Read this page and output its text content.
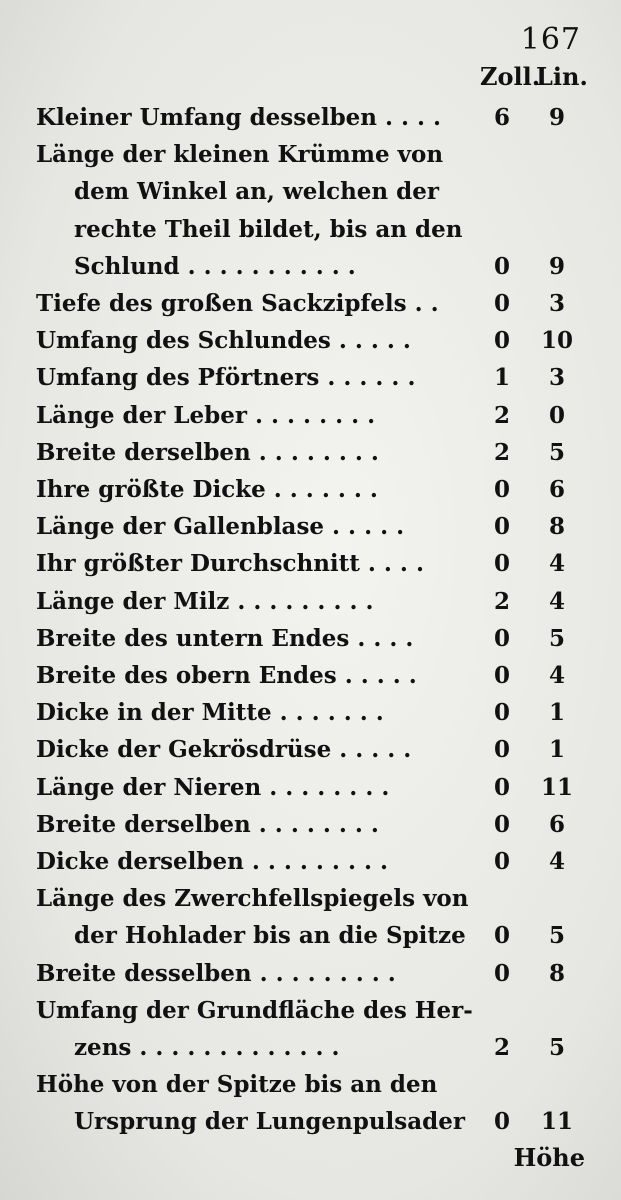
167
Zoll.
Lin.
Kleiner Umfang desselben . . . . 6	9
Länge der kleinen Krümme von
dem Winkel an, welchen der
rechte Theil bildet, bis an den
Schlund . . . . . . . . . . .	0	9
Tiefe des großen Sackzipfels . . 0	3
Umfang des Schlundes . . . . .	0 10
Umfang des Pförtners . . . . . .	1	3
Länge der Leber . . . . . . . .	2	0
Breite derselben . . . . . . . .	2	5
Ihre größte Dicke . . . . . . .	0	6
Länge der Gallenblase . . . . .	0	8
Ihr größter Durchschnitt . . . .	0	4
Länge der Milz . . . . . . . . .	2	4
Breite des untern Endes . . . .	0	5
Breite des obern Endes . . . . .	0	4
Dicke in der Mitte . . . . . . .	0	1
Dicke der Gekrösdrüse . . . . .	0	1
Länge der Nieren . . . . . . . .	0 11
Breite derselben . . . . . . . .	0	6
Dicke derselben . . . . . . . . .	0	4
Länge des Zwerchfellspiegels von
der Hohlader bis an die Spitze 0	5
Breite desselben . . . . . . . . .	0	8
Umfang der Grundfläche des Her-
zens . . . . . . . . . . . . .	2	5
Höhe von der Spitze bis an den
Ursprung der Lungenpulsader 0 11
Höhe
